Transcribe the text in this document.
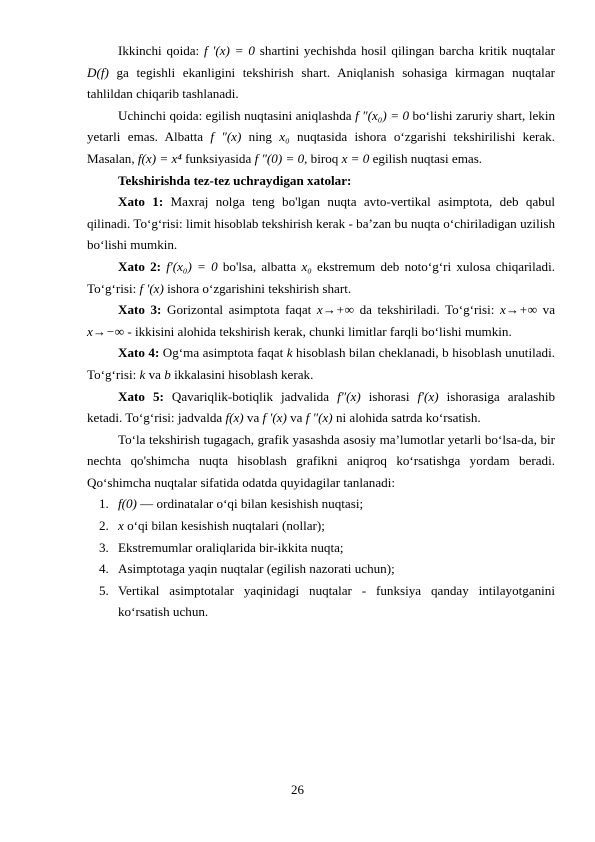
Ikkinchi qoida: f ′(x) = 0 shartini yechishda hosil qilingan barcha kritik nuqtalar D(f) ga tegishli ekanligini tekshirish shart. Aniqlanish sohasiga kirmagan nuqtalar tahlildan chiqarib tashlanadi.

Uchinchi qoida: egilish nuqtasini aniqlashda f ″(x₀) = 0 bo‘lishi zaruriy shart, lekin yetarli emas. Albatta f ″(x) ning x₀ nuqtasida ishora o‘zgarishi tekshirilishi kerak. Masalan, f(x) = x⁴ funksiyasida f ″(0) = 0, biroq x = 0 egilish nuqtasi emas.

Tekshirishda tez-tez uchraydigan xatolar:

Xato 1: Maxraj nolga teng bo'lgan nuqta avto-vertikal asimptota, deb qabul qilinadi. To‘g‘risi: limit hisoblab tekshirish kerak - ba’zan bu nuqta o‘chiriladigan uzilish bo‘lishi mumkin.

Xato 2: f′(x₀) = 0 bo'lsa, albatta x₀ ekstremum deb noto‘g‘ri xulosa chiqariladi. To‘g‘risi: f ′(x) ishora o‘zgarishini tekshirish shart.

Xato 3: Gorizontal asimptota faqat x→+∞ da tekshiriladi. To‘g‘risi: x→+∞ va x→−∞ - ikkisini alohida tekshirish kerak, chunki limitlar farqli bo‘lishi mumkin.

Xato 4: Og‘ma asimptota faqat k hisoblash bilan cheklanadi, b hisoblash unutiladi. To‘g‘risi: k va b ikkalasini hisoblash kerak.

Xato 5: Qavariqlik-botiqlik jadvalida f″(x) ishorasi f′(x) ishorasiga aralashib ketadi. To‘g‘risi: jadvalda f(x) va f ′(x) va f ″(x) ni alohida satrda ko‘rsatish.

To‘la tekshirish tugagach, grafik yasashda asosiy ma’lumotlar yetarli bo‘lsa-da, bir nechta qo'shimcha nuqta hisoblash grafikni aniqroq ko‘rsatishga yordam beradi. Qo‘shimcha nuqtalar sifatida odatda quyidagilar tanlanadi:

1. f(0) — ordinatalar o‘qi bilan kesishish nuqtasi;
2. x o‘qi bilan kesishish nuqtalari (nollar);
3. Ekstremumlar oraliqlarida bir-ikkita nuqta;
4. Asimptotaga yaqin nuqtalar (egilish nazorati uchun);
5. Vertikal asimptotalar yaqinidagi nuqtalar - funksiya qanday intilayotganini ko‘rsatish uchun.
26
